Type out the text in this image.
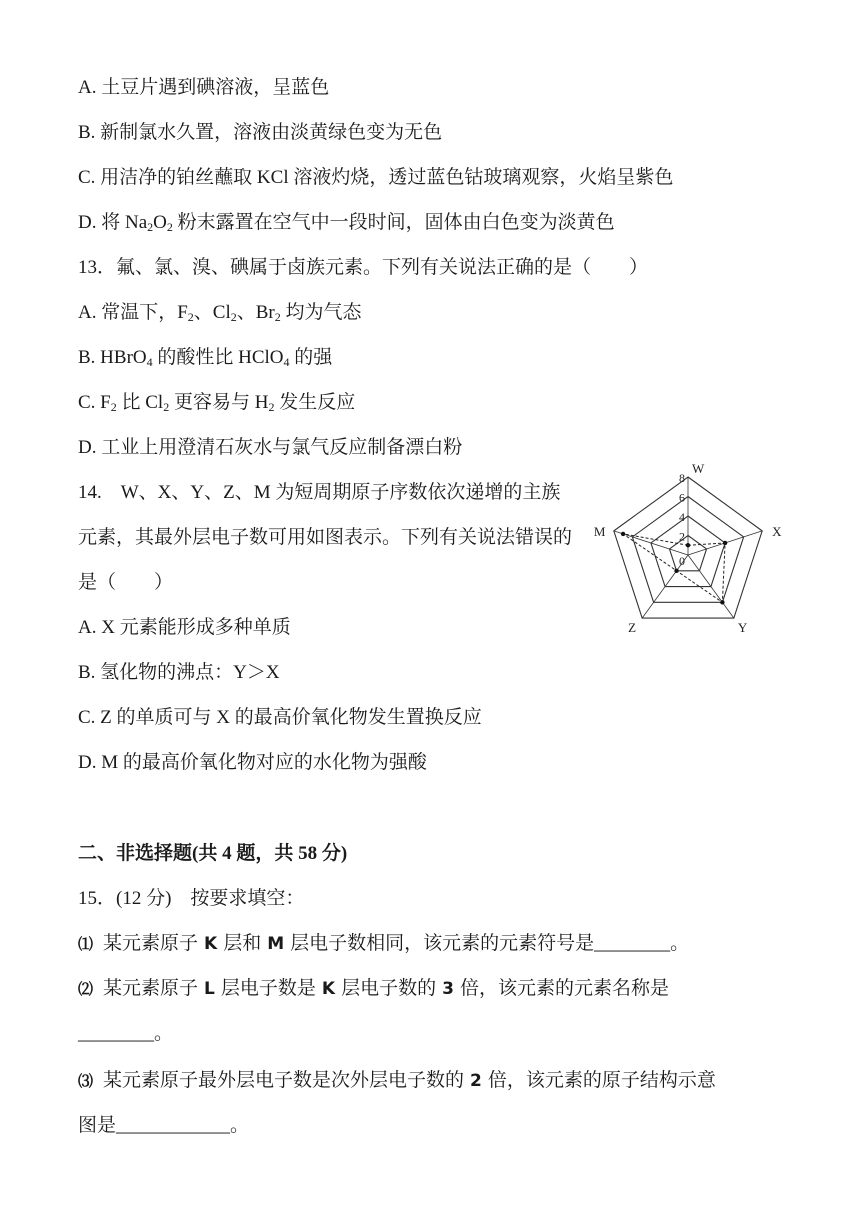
A. 土豆片遇到碘溶液，呈蓝色
B. 新制氯水久置，溶液由淡黄绿色变为无色
C. 用洁净的铂丝蘸取 KCl 溶液灼烧，透过蓝色钴玻璃观察，火焰呈紫色
D. 将 $Na_2O_2$ 粉末露置在空气中一段时间，固体由白色变为淡黄色
13．氟、氯、溴、碘属于卤族元素。下列有关说法正确的是（　　）
A. 常温下，$F_2$、$Cl_2$、$Br_2$ 均为气态
B. HBrO$_4$ 的酸性比 HClO$_4$ 的强
C. $F_2$ 比 $Cl_2$ 更容易与 $H_2$ 发生反应
D. 工业上用澄清石灰水与氯气反应制备漂白粉
14.　W、X、Y、Z、M 为短周期原子序数依次递增的主族
元素，其最外层电子数可用如图表示。下列有关说法错误的
是（　　）
A. X 元素能形成多种单质
B. 氢化物的沸点：Y＞X
C. Z 的单质可与 X 的最高价氧化物发生置换反应
D. M 的最高价氧化物对应的水化物为强酸
0
2
4
6
8
W
X
Y
Z
M
二、非选择题(共 4 题，共 58 分)
15．(12 分)　按要求填空：
⑴ 某元素原子 K 层和 M 层电子数相同，该元素的元素符号是________。
⑵ 某元素原子 L 层电子数是 K 层电子数的 3 倍，该元素的元素名称是
________。
⑶ 某元素原子最外层电子数是次外层电子数的 2 倍，该元素的原子结构示意
图是____________。
